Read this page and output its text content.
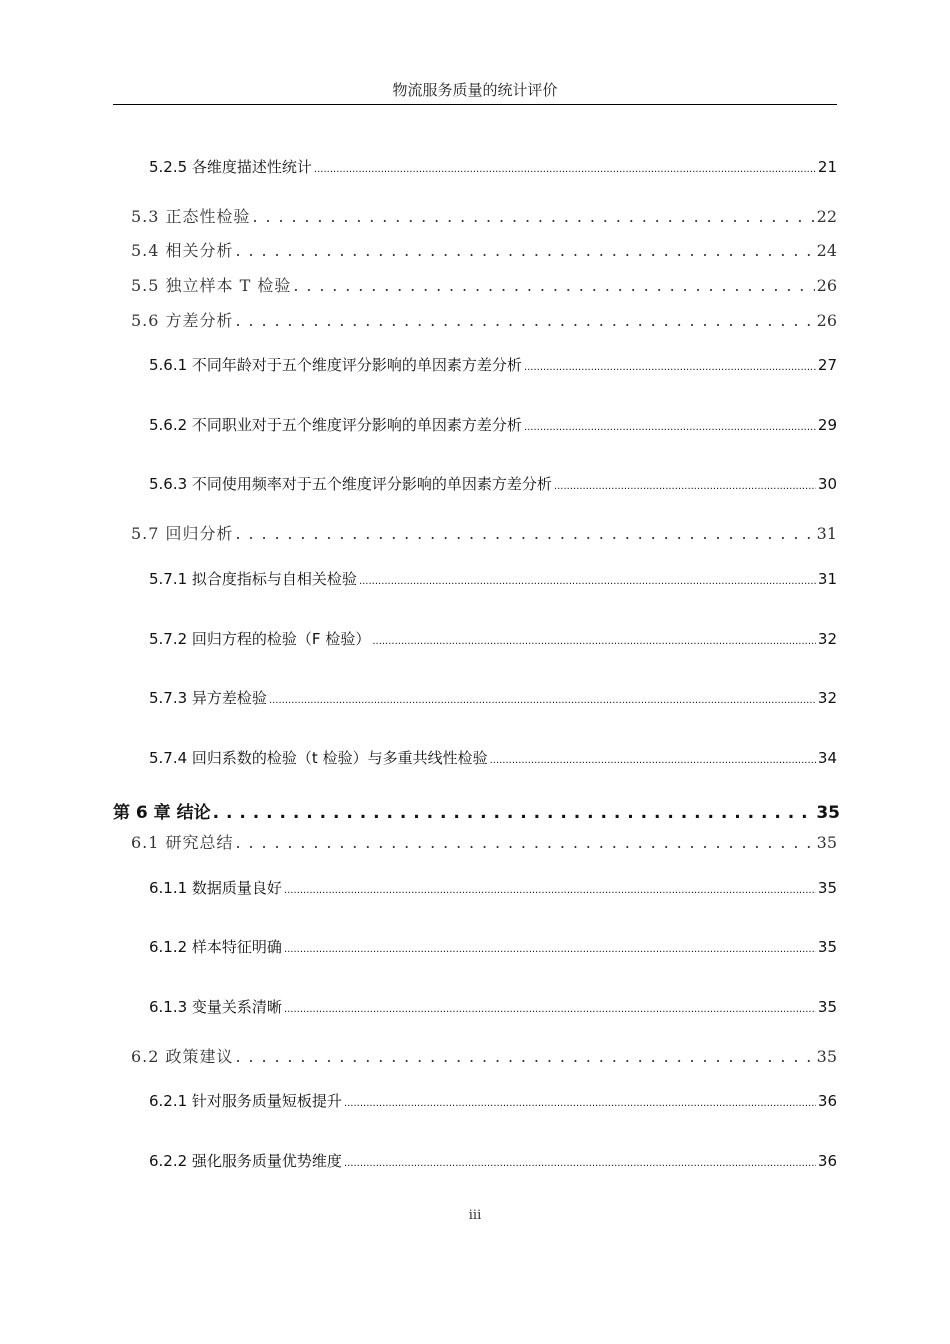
物流服务质量的统计评价
5.2.5 各维度描述性统计 .....	21
5.3 正态性检验 . . .	22
5.4 相关分析 . . .	24
5.5 独立样本 T 检验 . . .	26
5.6 方差分析 . . .	26
5.6.1 不同年龄对于五个维度评分影响的单因素方差分析 .....	27
5.6.2 不同职业对于五个维度评分影响的单因素方差分析 .....	29
5.6.3 不同使用频率对于五个维度评分影响的单因素方差分析 .....	30
5.7 回归分析 . . .	31
5.7.1 拟合度指标与自相关检验 .....	31
5.7.2 回归方程的检验（F 检验） .....	32
5.7.3 异方差检验 .....	32
5.7.4 回归系数的检验（t 检验）与多重共线性检验 .....	34
第 6 章 结论 . . .	35
6.1 研究总结 . . .	35
6.1.1 数据质量良好 .....	35
6.1.2 样本特征明确 .....	35
6.1.3 变量关系清晰 .....	35
6.2 政策建议 . . .	35
6.2.1 针对服务质量短板提升 .....	36
6.2.2 强化服务质量优势维度 .....	36
iii
